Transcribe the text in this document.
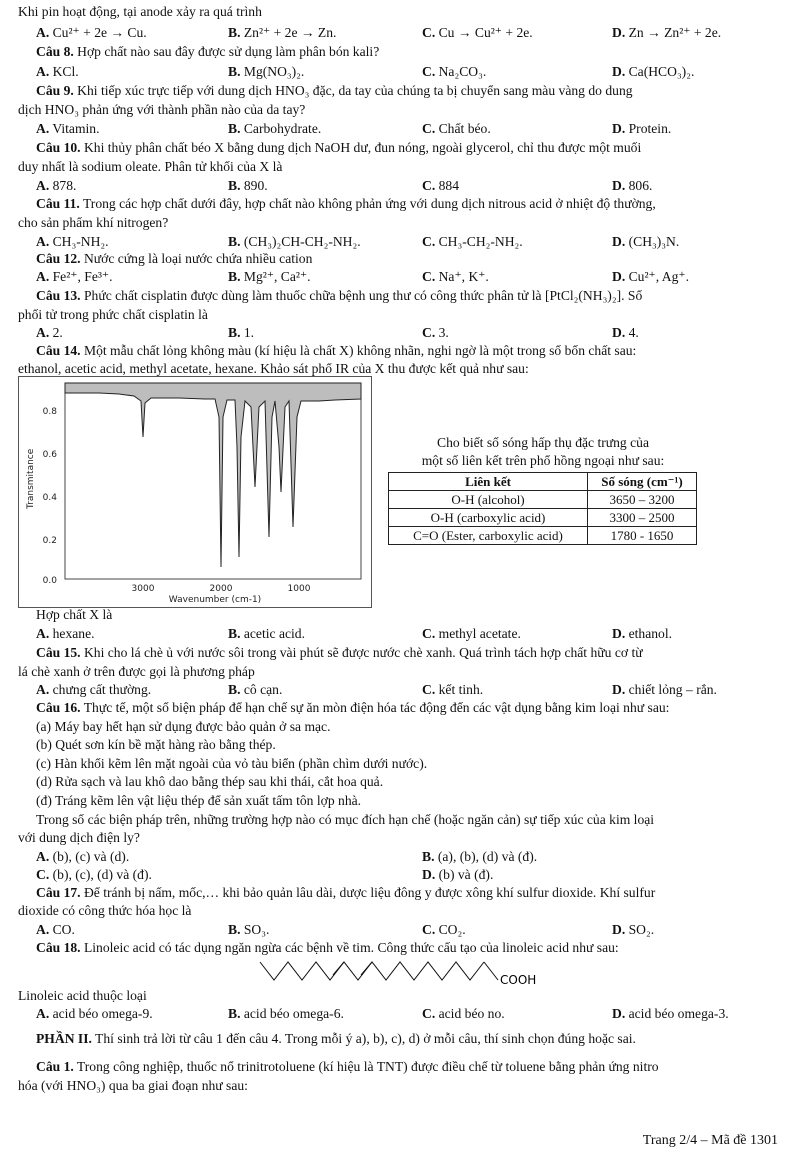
Khi pin hoạt động, tại anode xảy ra quá trình
A. Cu²⁺ + 2e → Cu.	B. Zn²⁺ + 2e → Zn.	C. Cu → Cu²⁺ + 2e.	D. Zn → Zn²⁺ + 2e.
Câu 8. Hợp chất nào sau đây được sử dụng làm phân bón kali?
A. KCl.	B. Mg(NO₃)₂.	C. Na₂CO₃.	D. Ca(HCO₃)₂.
Câu 9. Khi tiếp xúc trực tiếp với dung dịch HNO₃ đặc, da tay của chúng ta bị chuyển sang màu vàng do dung
dịch HNO₃ phản ứng với thành phần nào của da tay?
A. Vitamin.	B. Carbohydrate.	C. Chất béo.	D. Protein.
Câu 10. Khi thủy phân chất béo X bằng dung dịch NaOH dư, đun nóng, ngoài glycerol, chỉ thu được một muối
duy nhất là sodium oleate. Phân tử khối của X là
A. 878.	B. 890.	C. 884	D. 806.
Câu 11. Trong các hợp chất dưới đây, hợp chất nào không phản ứng với dung dịch nitrous acid ở nhiệt độ thường,
cho sản phẩm khí nitrogen?
A. CH₃-NH₂.	B. (CH₃)₂CH-CH₂-NH₂.	C. CH₃-CH₂-NH₂.	D. (CH₃)₃N.
Câu 12. Nước cứng là loại nước chứa nhiều cation
A. Fe²⁺, Fe³⁺.	B. Mg²⁺, Ca²⁺.	C. Na⁺, K⁺.	D. Cu²⁺, Ag⁺.
Câu 13. Phức chất cisplatin được dùng làm thuốc chữa bệnh ung thư có công thức phân tử là [PtCl₂(NH₃)₂]. Số
phối tử trong phức chất cisplatin là
A. 2.	B. 1.	C. 3.	D. 4.
Câu 14. Một mẫu chất lỏng không màu (kí hiệu là chất X) không nhãn, nghi ngờ là một trong số bốn chất sau:
ethanol, acetic acid, methyl acetate, hexane. Khảo sát phổ IR của X thu được kết quả như sau:
0.8
0.6
0.4
0.2
0.0
3000	2000	1000
Wavenumber (cm-1)
Transmitance
Cho biết số sóng hấp thụ đặc trưng của
một số liên kết trên phổ hồng ngoại như sau:
Liên kết	Số sóng (cm⁻¹)
O-H (alcohol)	3650 – 3200
O-H (carboxylic acid)	3300 – 2500
C=O (Ester, carboxylic acid)	1780 - 1650
Hợp chất X là
A. hexane.	B. acetic acid.	C. methyl acetate.	D. ethanol.
Câu 15. Khi cho lá chè ủ với nước sôi trong vài phút sẽ được nước chè xanh. Quá trình tách hợp chất hữu cơ từ
lá chè xanh ở trên được gọi là phương pháp
A. chưng cất thường.	B. cô cạn.	C. kết tinh.	D. chiết lỏng – rắn.
Câu 16. Thực tế, một số biện pháp để hạn chế sự ăn mòn điện hóa tác động đến các vật dụng bằng kim loại như sau:
(a) Máy bay hết hạn sử dụng được bảo quản ở sa mạc.
(b) Quét sơn kín bề mặt hàng rào bằng thép.
(c) Hàn khối kẽm lên mặt ngoài của vỏ tàu biển (phần chìm dưới nước).
(d) Rửa sạch và lau khô dao bằng thép sau khi thái, cắt hoa quả.
(đ) Tráng kẽm lên vật liệu thép để sản xuất tấm tôn lợp nhà.
Trong số các biện pháp trên, những trường hợp nào có mục đích hạn chế (hoặc ngăn cản) sự tiếp xúc của kim loại
với dung dịch điện ly?
A. (b), (c) và (d).	B. (a), (b), (d) và (đ).
C. (b), (c), (d) và (đ).	D. (b) và (đ).
Câu 17. Để tránh bị nấm, mốc,… khi bảo quản lâu dài, dược liệu đông y được xông khí sulfur dioxide. Khí sulfur
dioxide có công thức hóa học là
A. CO.	B. SO₃.	C. CO₂.	D. SO₂.
Câu 18. Linoleic acid có tác dụng ngăn ngừa các bệnh về tim. Công thức cấu tạo của linoleic acid như sau:
COOH
Linoleic acid thuộc loại
A. acid béo omega-9.	B. acid béo omega-6.	C. acid béo no.	D. acid béo omega-3.
PHẦN II. Thí sinh trả lời từ câu 1 đến câu 4. Trong mỗi ý a), b), c), d) ở mỗi câu, thí sinh chọn đúng hoặc sai.
Câu 1. Trong công nghiệp, thuốc nổ trinitrotoluene (kí hiệu là TNT) được điều chế từ toluene bằng phản ứng nitro
hóa (với HNO₃) qua ba giai đoạn như sau:
Trang 2/4 – Mã đề 1301
